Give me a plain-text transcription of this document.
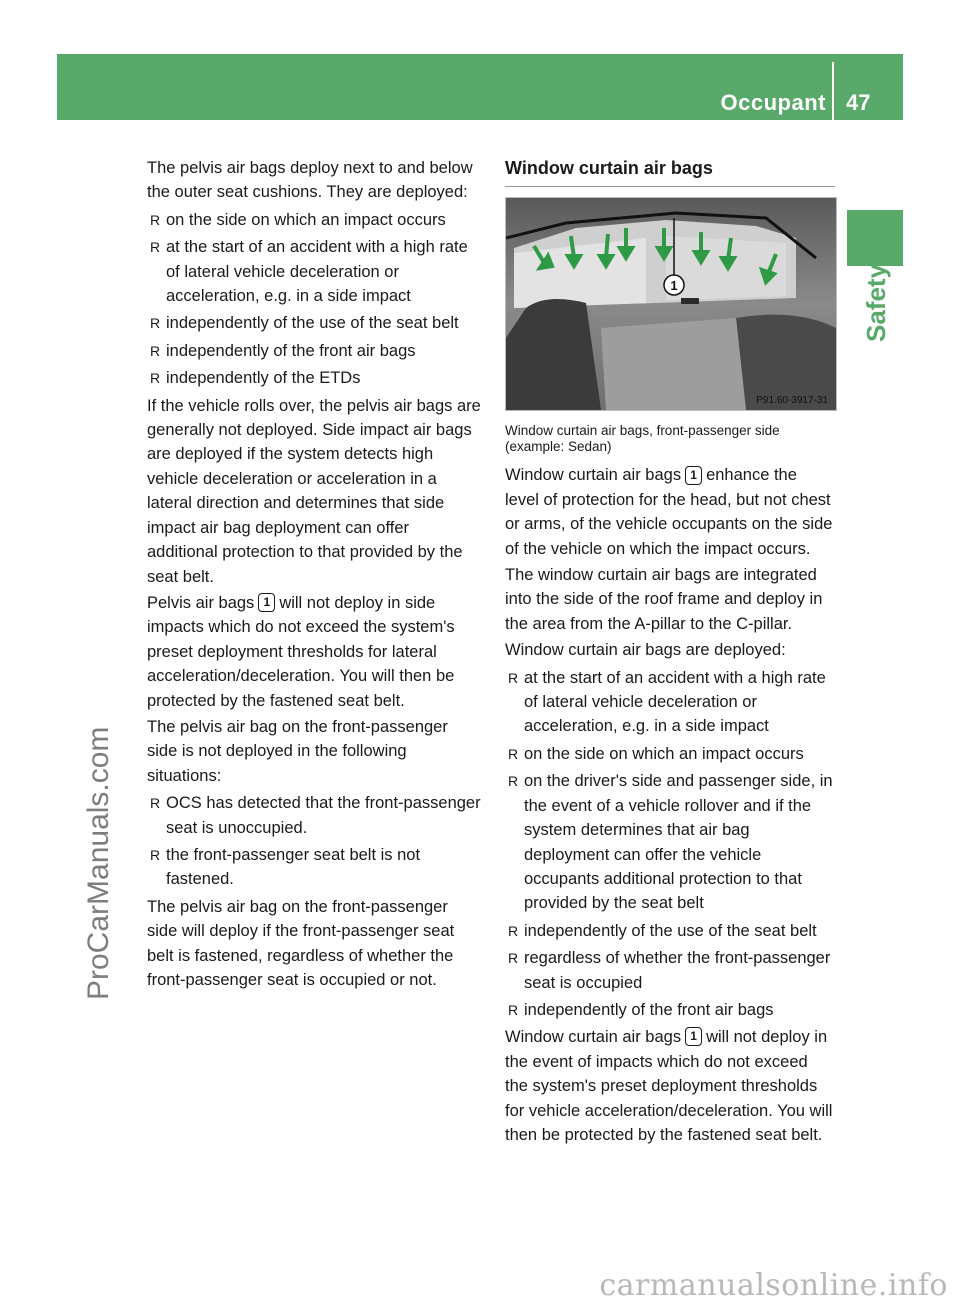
Occupant safety
47
Safety
ProCarManuals.com
carmanualsonline.info

The pelvis air bags deploy next to and below the outer seat cushions. They are deployed:

R on the side on which an impact occurs
R at the start of an accident with a high rate of lateral vehicle deceleration or acceleration, e.g. in a side impact
R independently of the use of the seat belt
R independently of the front air bags
R independently of the ETDs

If the vehicle rolls over, the pelvis air bags are generally not deployed. Side impact air bags are deployed if the system detects high vehicle deceleration or acceleration in a lateral direction and determines that side impact air bag deployment can offer additional protection to that provided by the seat belt.

Pelvis air bags 1 will not deploy in side impacts which do not exceed the system's preset deployment thresholds for lateral acceleration/deceleration. You will then be protected by the fastened seat belt.

The pelvis air bag on the front-passenger side is not deployed in the following situations:

R OCS has detected that the front-passenger seat is unoccupied.
R the front-passenger seat belt is not fastened.

The pelvis air bag on the front-passenger side will deploy if the front-passenger seat belt is fastened, regardless of whether the front-passenger seat is occupied or not.

Window curtain air bags

1
P91.60-3917-31

Window curtain air bags, front-passenger side (example: Sedan)

Window curtain air bags 1 enhance the level of protection for the head, but not chest or arms, of the vehicle occupants on the side of the vehicle on which the impact occurs.

The window curtain air bags are integrated into the side of the roof frame and deploy in the area from the A-pillar to the C-pillar.

Window curtain air bags are deployed:

R at the start of an accident with a high rate of lateral vehicle deceleration or acceleration, e.g. in a side impact
R on the side on which an impact occurs
R on the driver's side and passenger side, in the event of a vehicle rollover and if the system determines that air bag deployment can offer the vehicle occupants additional protection to that provided by the seat belt
R independently of the use of the seat belt
R regardless of whether the front-passenger seat is occupied
R independently of the front air bags

Window curtain air bags 1 will not deploy in the event of impacts which do not exceed the system's preset deployment thresholds for vehicle acceleration/deceleration. You will then be protected by the fastened seat belt.
